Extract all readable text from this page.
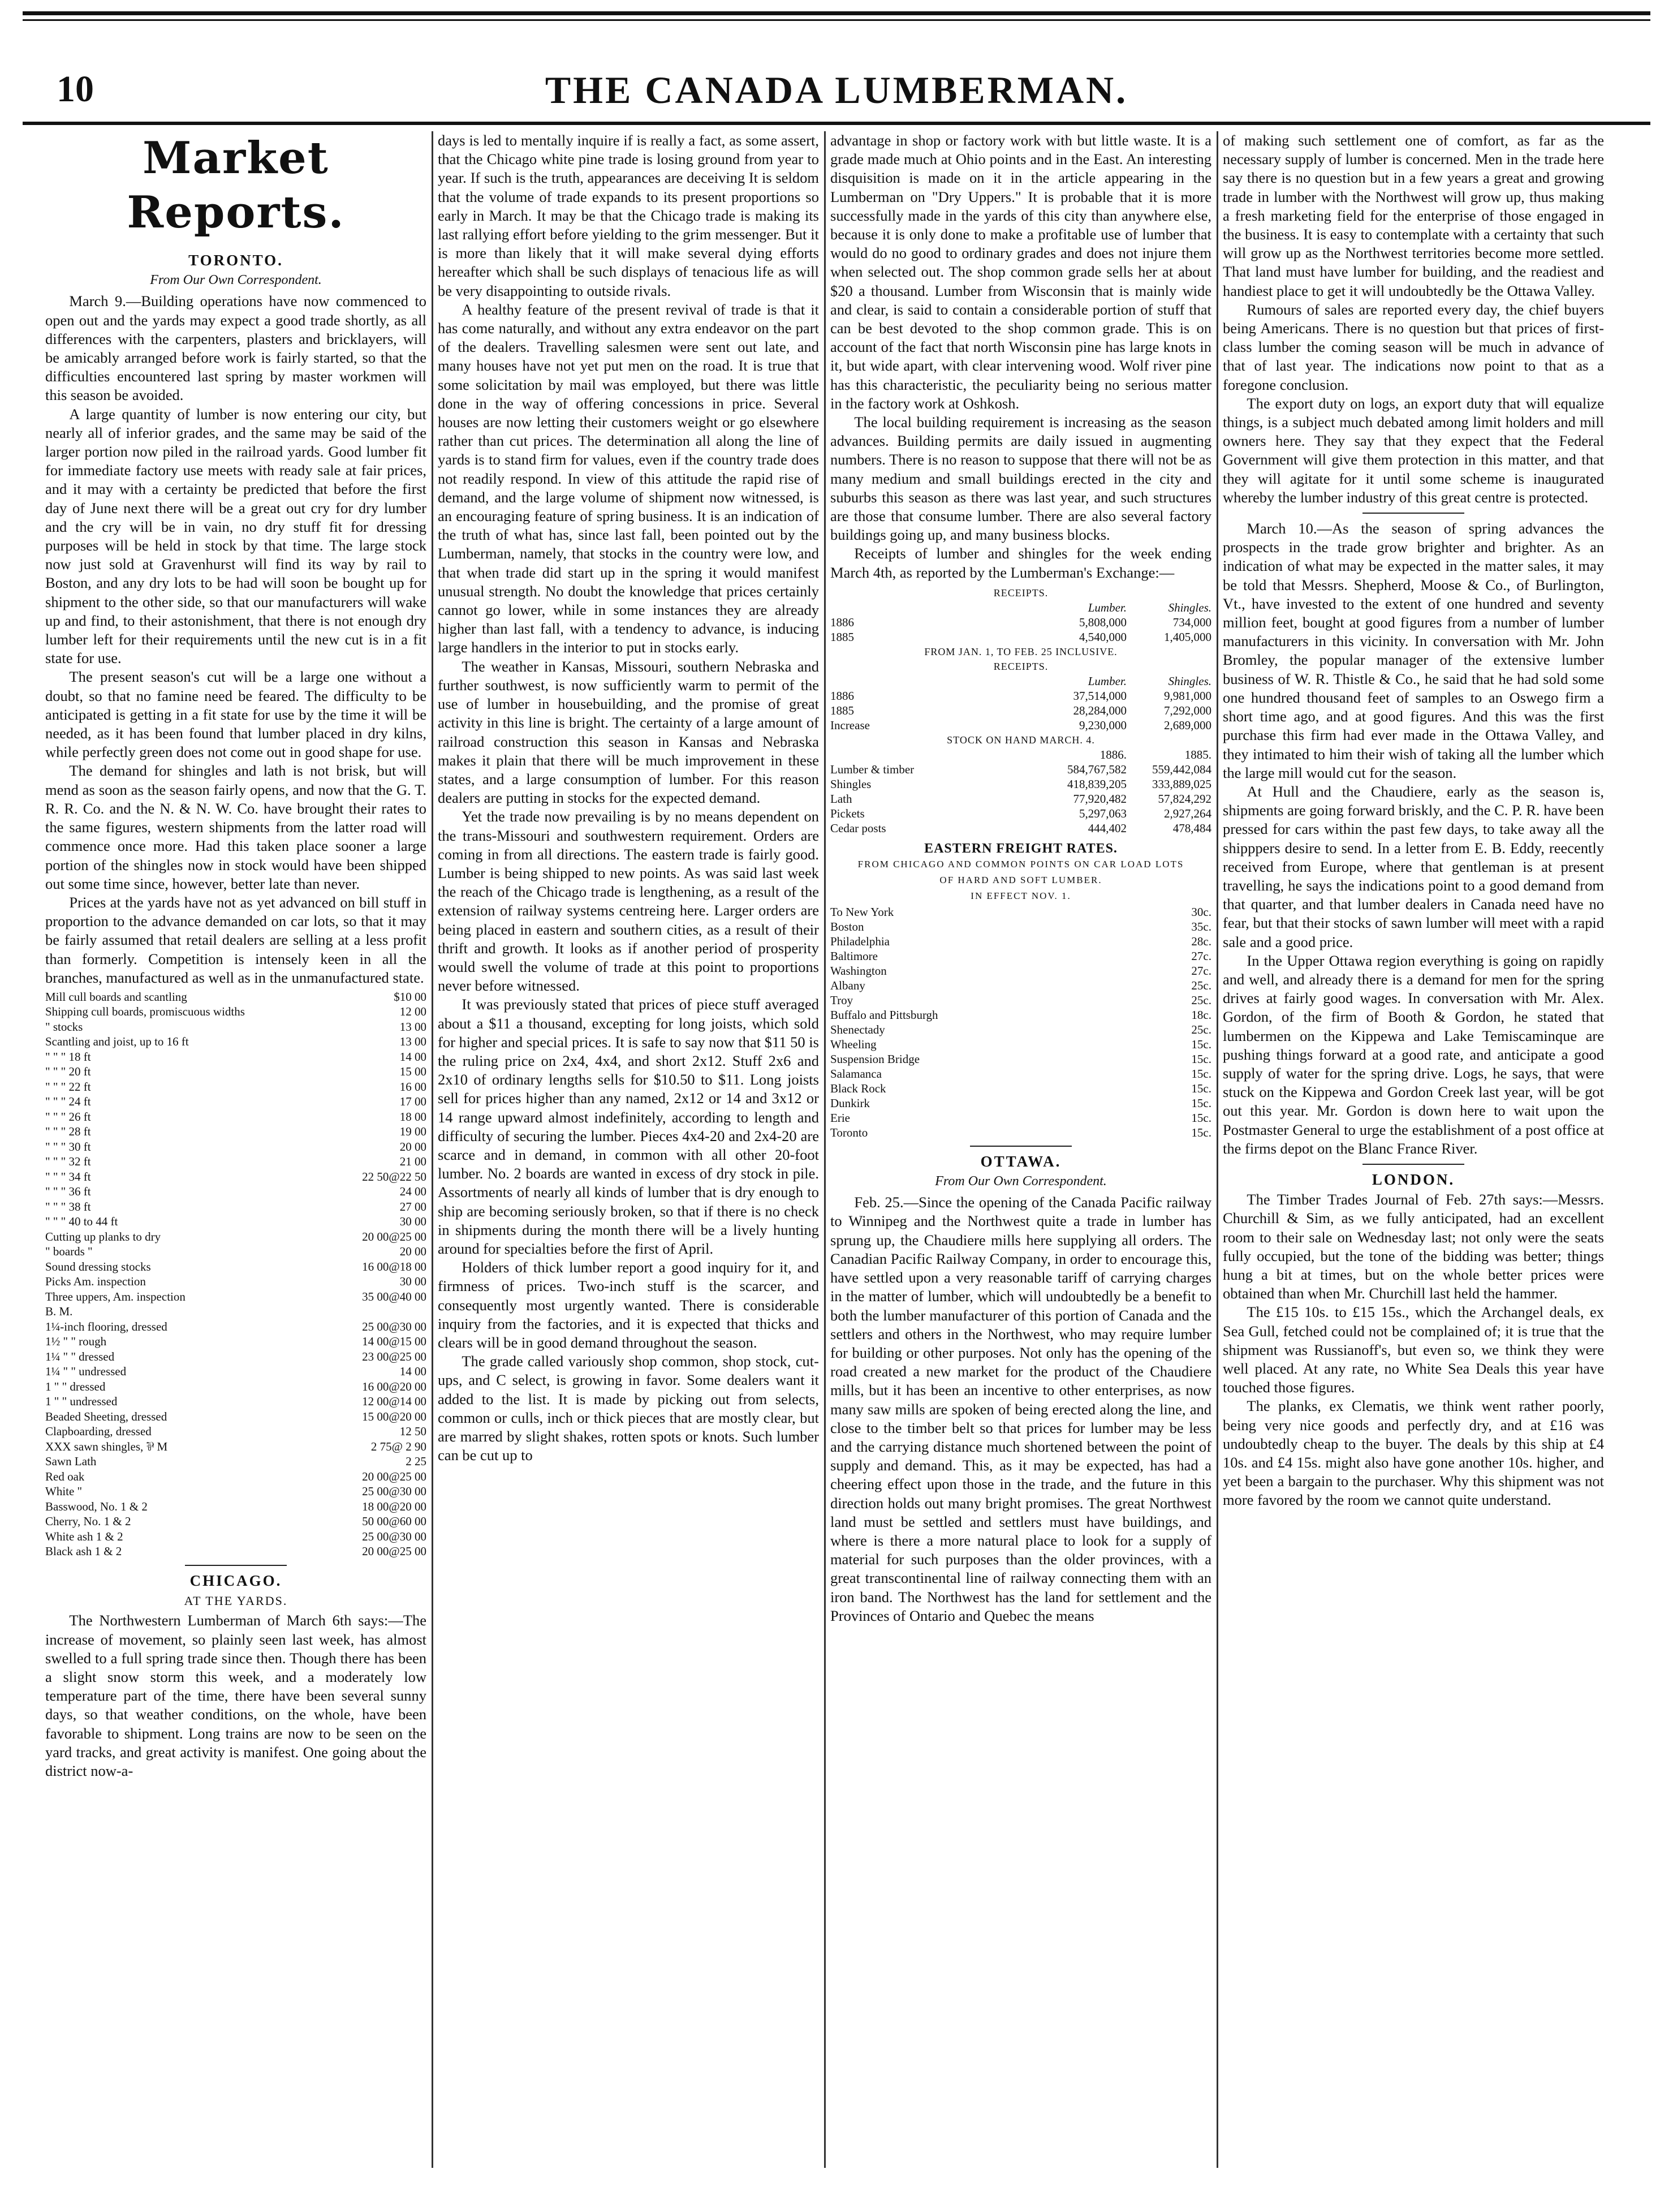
10	THE CANADA LUMBERMAN.
Market Reports.
TORONTO.
From Our Own Correspondent.

March 9.—Building operations have now commenced to open out and the yards may expect a good trade shortly, as all differences with the carpenters, plasters and bricklayers, will be amicably arranged before work is fairly started, so that the difficulties encountered last spring by master workmen will this season be avoided.

A large quantity of lumber is now entering our city, but nearly all of inferior grades, and the same may be said of the larger portion now piled in the railroad yards. Good lumber fit for immediate factory use meets with ready sale at fair prices, and it may with a certainty be predicted that before the first day of June next there will be a great out cry for dry lumber and the cry will be in vain, no dry stuff fit for dressing purposes will be held in stock by that time. The large stock now just sold at Gravenhurst will find its way by rail to Boston, and any dry lots to be had will soon be bought up for shipment to the other side, so that our manufacturers will wake up and find, to their astonishment, that there is not enough dry lumber left for their requirements until the new cut is in a fit state for use.

The present season's cut will be a large one without a doubt, so that no famine need be feared. The difficulty to be anticipated is getting in a fit state for use by the time it will be needed, as it has been found that lumber placed in dry kilns, while perfectly green does not come out in good shape for use.

The demand for shingles and lath is not brisk, but will mend as soon as the season fairly opens, and now that the G. T. R. R. Co. and the N. & N. W. Co. have brought their rates to the same figures, western shipments from the latter road will commence once more. Had this taken place sooner a large portion of the shingles now in stock would have been shipped out some time since, however, better late than never.

Prices at the yards have not as yet advanced on bill stuff in proportion to the advance demanded on car lots, so that it may be fairly assumed that retail dealers are selling at a less profit than formerly. Competition is intensely keen in all the branches, manufactured as well as in the unmanufactured state.

Mill cull boards and scantling	$10 00
Shipping cull boards, promiscuous widths	12 00
" stocks	13 00
Scantling and joist, up to 16 ft	13 00
" " " 18 ft	14 00
" " " 20 ft	15 00
" " " 22 ft	16 00
" " " 24 ft	17 00
" " " 26 ft	18 00
" " " 28 ft	19 00
" " " 30 ft	20 00
" " " 32 ft	21 00
" " " 34 ft	22 50@22 50
" " " 36 ft	24 00
" " " 38 ft	27 00
" " " 40 to 44 ft	30 00
Cutting up planks to dry	20 00@25 00
" boards "	20 00
Sound dressing stocks	16 00@18 00
Picks Am. inspection	30 00
Three uppers, Am. inspection	35 00@40 00
B. M.
1¼-inch flooring, dressed	25 00@30 00
1½ " " rough	14 00@15 00
1¼ " " dressed	23 00@25 00
1¼ " " undressed	14 00
1 " " dressed	16 00@20 00
1 " " undressed	12 00@14 00
Beaded Sheeting, dressed	15 00@20 00
Clapboarding, dressed	12 50
XXX sawn shingles, ⅌ M	2 75@ 2 90
Sawn Lath	2 25
Red oak	20 00@25 00
White "	25 00@30 00
Basswood, No. 1 & 2	18 00@20 00
Cherry, No. 1 & 2	50 00@60 00
White ash 1 & 2	25 00@30 00
Black ash 1 & 2	20 00@25 00
CHICAGO.
AT THE YARDS.

The Northwestern Lumberman of March 6th says:—The increase of movement, so plainly seen last week, has almost swelled to a full spring trade since then. Though there has been a slight snow storm this week, and a moderately low temperature part of the time, there have been several sunny days, so that weather conditions, on the whole, have been favorable to shipment. Long trains are now to be seen on the yard tracks, and great activity is manifest. One going about the district now-a-

days is led to mentally inquire if is really a fact, as some assert, that the Chicago white pine trade is losing ground from year to year. If such is the truth, appearances are deceiving It is seldom that the volume of trade expands to its present proportions so early in March. It may be that the Chicago trade is making its last rallying effort before yielding to the grim messenger. But it is more than likely that it will make several dying efforts hereafter which shall be such displays of tenacious life as will be very disappointing to outside rivals.

A healthy feature of the present revival of trade is that it has come naturally, and without any extra endeavor on the part of the dealers. Travelling salesmen were sent out late, and many houses have not yet put men on the road. It is true that some solicitation by mail was employed, but there was little done in the way of offering concessions in price. Several houses are now letting their customers weight or go elsewhere rather than cut prices. The determination all along the line of yards is to stand firm for values, even if the country trade does not readily respond. In view of this attitude the rapid rise of demand, and the large volume of shipment now witnessed, is an encouraging feature of spring business. It is an indication of the truth of what has, since last fall, been pointed out by the Lumberman, namely, that stocks in the country were low, and that when trade did start up in the spring it would manifest unusual strength. No doubt the knowledge that prices certainly cannot go lower, while in some instances they are already higher than last fall, with a tendency to advance, is inducing large handlers in the interior to put in stocks early.

The weather in Kansas, Missouri, southern Nebraska and further southwest, is now sufficiently warm to permit of the use of lumber in housebuilding, and the promise of great activity in this line is bright. The certainty of a large amount of railroad construction this season in Kansas and Nebraska makes it plain that there will be much improvement in these states, and a large consumption of lumber. For this reason dealers are putting in stocks for the expected demand.

Yet the trade now prevailing is by no means dependent on the trans-Missouri and southwestern requirement. Orders are coming in from all directions. The eastern trade is fairly good. Lumber is being shipped to new points. As was said last week the reach of the Chicago trade is lengthening, as a result of the extension of railway systems centreing here. Larger orders are being placed in eastern and southern cities, as a result of their thrift and growth. It looks as if another period of prosperity would swell the volume of trade at this point to proportions never before witnessed.

It was previously stated that prices of piece stuff averaged about a $11 a thousand, excepting for long joists, which sold for higher and special prices. It is safe to say now that $11 50 is the ruling price on 2x4, 4x4, and short 2x12. Stuff 2x6 and 2x10 of ordinary lengths sells for $10.50 to $11. Long joists sell for prices higher than any named, 2x12 or 14 and 3x12 or 14 range upward almost indefinitely, according to length and difficulty of securing the lumber. Pieces 4x4-20 and 2x4-20 are scarce and in demand, in common with all other 20-foot lumber. No. 2 boards are wanted in excess of dry stock in pile. Assortments of nearly all kinds of lumber that is dry enough to ship are becoming seriously broken, so that if there is no check in shipments during the month there will be a lively hunting around for specialties before the first of April.

Holders of thick lumber report a good inquiry for it, and firmness of prices. Two-inch stuff is the scarcer, and consequently most urgently wanted. There is considerable inquiry from the factories, and it is expected that thicks and clears will be in good demand throughout the season.

The grade called variously shop common, shop stock, cut-ups, and C select, is growing in favor. Some dealers want it added to the list. It is made by picking out from selects, common or culls, inch or thick pieces that are mostly clear, but are marred by slight shakes, rotten spots or knots. Such lumber can be cut up to

advantage in shop or factory work with but little waste. It is a grade made much at Ohio points and in the East. An interesting disquisition is made on it in the article appearing in the Lumberman on "Dry Uppers." It is probable that it is more successfully made in the yards of this city than anywhere else, because it is only done to make a profitable use of lumber that would do no good to ordinary grades and does not injure them when selected out. The shop common grade sells her at about $20 a thousand. Lumber from Wisconsin that is mainly wide and clear, is said to contain a considerable portion of stuff that can be best devoted to the shop common grade. This is on account of the fact that north Wisconsin pine has large knots in it, but wide apart, with clear intervening wood. Wolf river pine has this characteristic, the peculiarity being no serious matter in the factory work at Oshkosh.

The local building requirement is increasing as the season advances. Building permits are daily issued in augmenting numbers. There is no reason to suppose that there will not be as many medium and small buildings erected in the city and suburbs this season as there was last year, and such structures are those that consume lumber. There are also several factory buildings going up, and many business blocks.

Receipts of lumber and shingles for the week ending March 4th, as reported by the Lumberman's Exchange:—

RECEIPTS.
Lumber.	Shingles.
1886	5,808,000	734,000
1885	4,540,000	1,405,000
FROM JAN. 1, TO FEB. 25 INCLUSIVE.
RECEIPTS.
Lumber.	Shingles.
1886	37,514,000	9,981,000
1885	28,284,000	7,292,000
Increase	9,230,000	2,689,000
STOCK ON HAND MARCH. 4.
1886.	1885.
Lumber & timber	584,767,582	559,442,084
Shingles	418,839,205	333,889,025
Lath	77,920,482	57,824,292
Pickets	5,297,063	2,927,264
Cedar posts	444,402	478,484
EASTERN FREIGHT RATES.
FROM CHICAGO AND COMMON POINTS ON CAR LOAD LOTS
OF HARD AND SOFT LUMBER.
IN EFFECT NOV. 1.
To New York	30c.
Boston	35c.
Philadelphia	28c.
Baltimore	27c.
Washington	27c.
Albany	25c.
Troy	25c.
Buffalo and Pittsburgh	18c.
Shenectady	25c.
Wheeling	15c.
Suspension Bridge	15c.
Salamanca	15c.
Black Rock	15c.
Dunkirk	15c.
Erie	15c.
Toronto	15c.
OTTAWA.
From Our Own Correspondent.

Feb. 25.—Since the opening of the Canada Pacific railway to Winnipeg and the Northwest quite a trade in lumber has sprung up, the Chaudiere mills here supplying all orders. The Canadian Pacific Railway Company, in order to encourage this, have settled upon a very reasonable tariff of carrying charges in the matter of lumber, which will undoubtedly be a benefit to both the lumber manufacturer of this portion of Canada and the settlers and others in the Northwest, who may require lumber for building or other purposes. Not only has the opening of the road created a new market for the product of the Chaudiere mills, but it has been an incentive to other enterprises, as now many saw mills are spoken of being erected along the line, and close to the timber belt so that prices for lumber may be less and the carrying distance much shortened between the point of supply and demand. This, as it may be expected, has had a cheering effect upon those in the trade, and the future in this direction holds out many bright promises. The great Northwest land must be settled and settlers must have buildings, and where is there a more natural place to look for a supply of material for such purposes than the older provinces, with a great transcontinental line of railway connecting them with an iron band. The Northwest has the land for settlement and the Provinces of Ontario and Quebec the means

of making such settlement one of comfort, as far as the necessary supply of lumber is concerned. Men in the trade here say there is no question but in a few years a great and growing trade in lumber with the Northwest will grow up, thus making a fresh marketing field for the enterprise of those engaged in the business. It is easy to contemplate with a certainty that such will grow up as the Northwest territories become more settled. That land must have lumber for building, and the readiest and handiest place to get it will undoubtedly be the Ottawa Valley.

Rumours of sales are reported every day, the chief buyers being Americans. There is no question but that prices of first-class lumber the coming season will be much in advance of that of last year. The indications now point to that as a foregone conclusion.

The export duty on logs, an export duty that will equalize things, is a subject much debated among limit holders and mill owners here. They say that they expect that the Federal Government will give them protection in this matter, and that they will agitate for it until some scheme is inaugurated whereby the lumber industry of this great centre is protected.

March 10.—As the season of spring advances the prospects in the trade grow brighter and brighter. As an indication of what may be expected in the matter sales, it may be told that Messrs. Shepherd, Moose & Co., of Burlington, Vt., have invested to the extent of one hundred and seventy million feet, bought at good figures from a number of lumber manufacturers in this vicinity. In conversation with Mr. John Bromley, the popular manager of the extensive lumber business of W. R. Thistle & Co., he said that he had sold some one hundred thousand feet of samples to an Oswego firm a short time ago, and at good figures. And this was the first purchase this firm had ever made in the Ottawa Valley, and they intimated to him their wish of taking all the lumber which the large mill would cut for the season.

At Hull and the Chaudiere, early as the season is, shipments are going forward briskly, and the C. P. R. have been pressed for cars within the past few days, to take away all the shipppers desire to send. In a letter from E. B. Eddy, reecently received from Europe, where that gentleman is at present travelling, he says the indications point to a good demand from that quarter, and that lumber dealers in Canada need have no fear, but that their stocks of sawn lumber will meet with a rapid sale and a good price.

In the Upper Ottawa region everything is going on rapidly and well, and already there is a demand for men for the spring drives at fairly good wages. In conversation with Mr. Alex. Gordon, of the firm of Booth & Gordon, he stated that lumbermen on the Kippewa and Lake Temiscaminque are pushing things forward at a good rate, and anticipate a good supply of water for the spring drive. Logs, he says, that were stuck on the Kippewa and Gordon Creek last year, will be got out this year. Mr. Gordon is down here to wait upon the Postmaster General to urge the establishment of a post office at the firms depot on the Blanc France River.

LONDON.

The Timber Trades Journal of Feb. 27th says:—Messrs. Churchill & Sim, as we fully anticipated, had an excellent room to their sale on Wednesday last; not only were the seats fully occupied, but the tone of the bidding was better; things hung a bit at times, but on the whole better prices were obtained than when Mr. Churchill last held the hammer.

The £15 10s. to £15 15s., which the Archangel deals, ex Sea Gull, fetched could not be complained of; it is true that the shipment was Russianoff's, but even so, we think they were well placed. At any rate, no White Sea Deals this year have touched those figures.

The planks, ex Clematis, we think went rather poorly, being very nice goods and perfectly dry, and at £16 was undoubtedly cheap to the buyer. The deals by this ship at £4 10s. and £4 15s. might also have gone another 10s. higher, and yet been a bargain to the purchaser. Why this shipment was not more favored by the room we cannot quite understand.
